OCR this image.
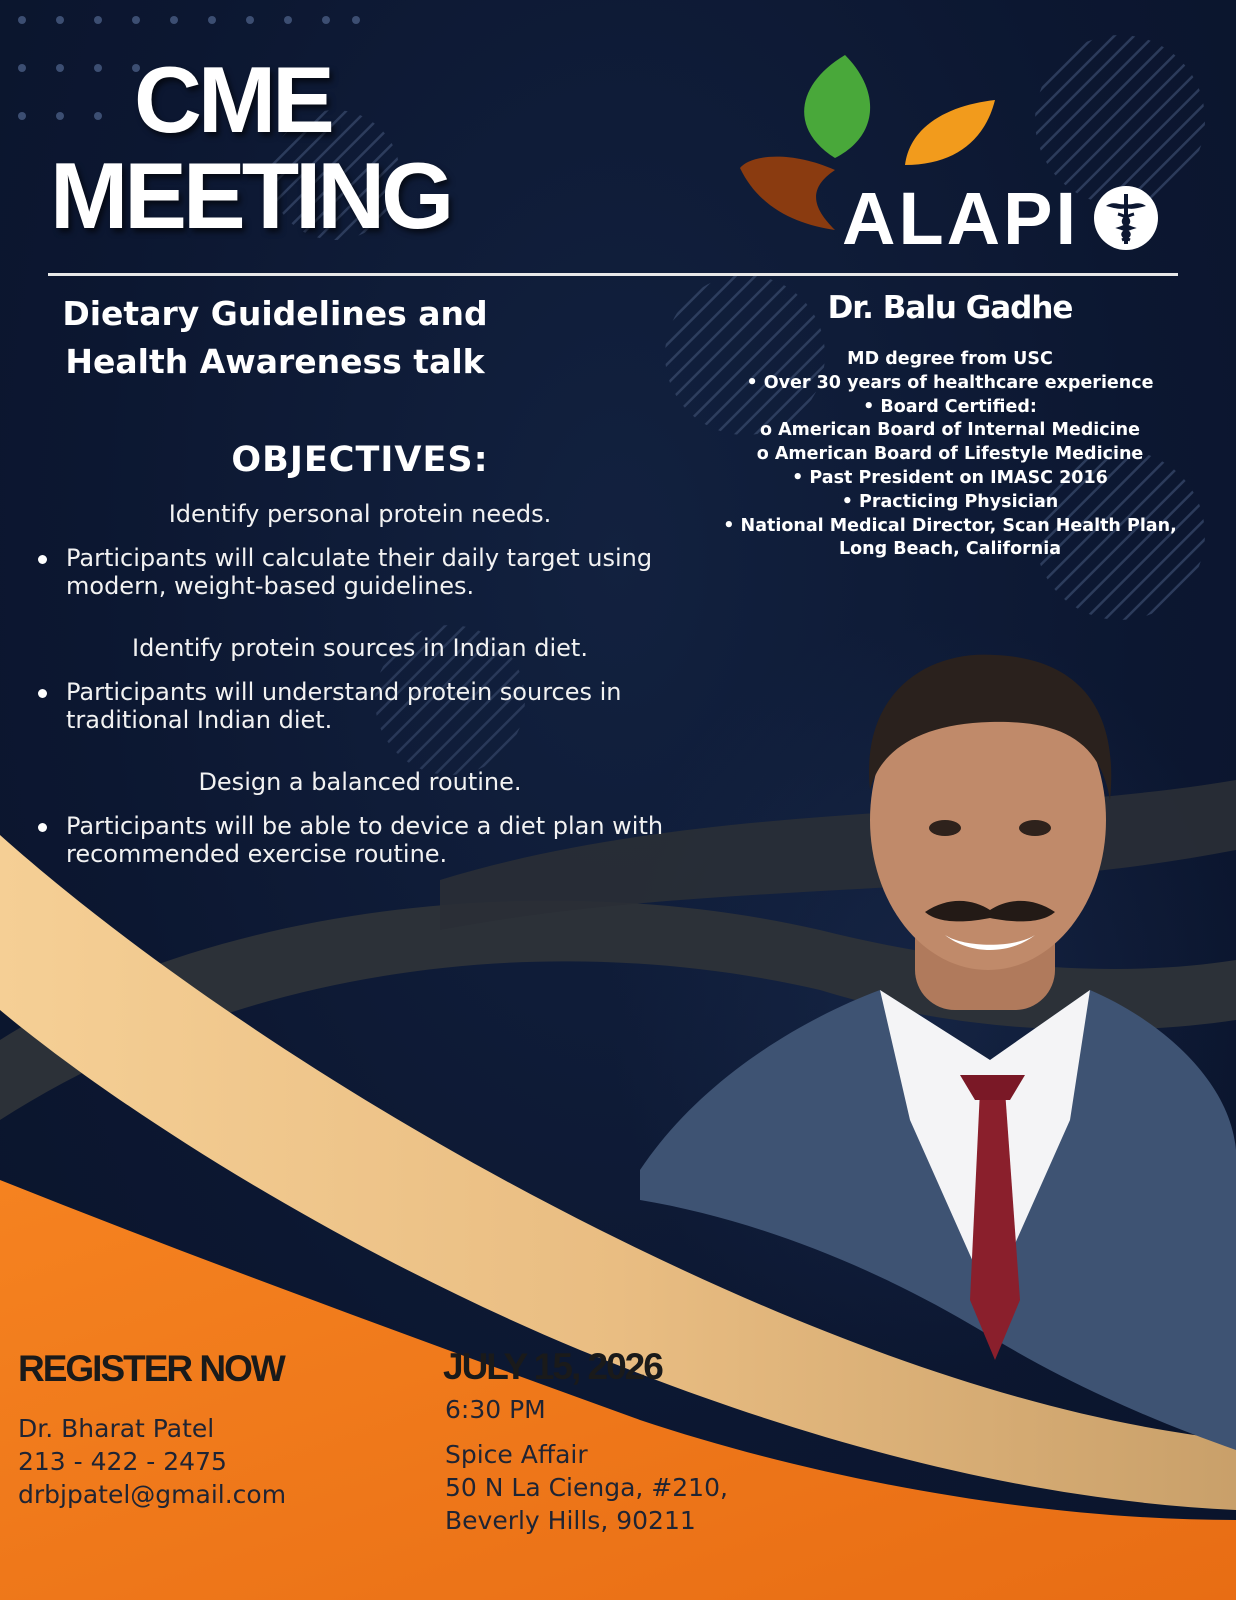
CME
MEETING	ALAPI
Dietary Guidelines and
Health Awareness talk
OBJECTIVES:
Identify personal protein needs.
Participants will calculate their daily target using
modern, weight-based guidelines.
Identify protein sources in Indian diet.
Participants will understand protein sources in
traditional Indian diet.
Design a balanced routine.
Participants will be able to device a diet plan with
recommended exercise routine.
Dr. Balu Gadhe
MD degree from USC
• Over 30 years of healthcare experience
• Board Certified:
o American Board of Internal Medicine
o American Board of Lifestyle Medicine
• Past President on IMASC 2016
• Practicing Physician
• National Medical Director, Scan Health Plan,
Long Beach, California
REGISTER NOW
Dr. Bharat Patel
213 - 422 - 2475
drbjpatel@gmail.com
JULY 15, 2026
6:30 PM
Spice Affair
50 N La Cienga, #210,
Beverly Hills, 90211
